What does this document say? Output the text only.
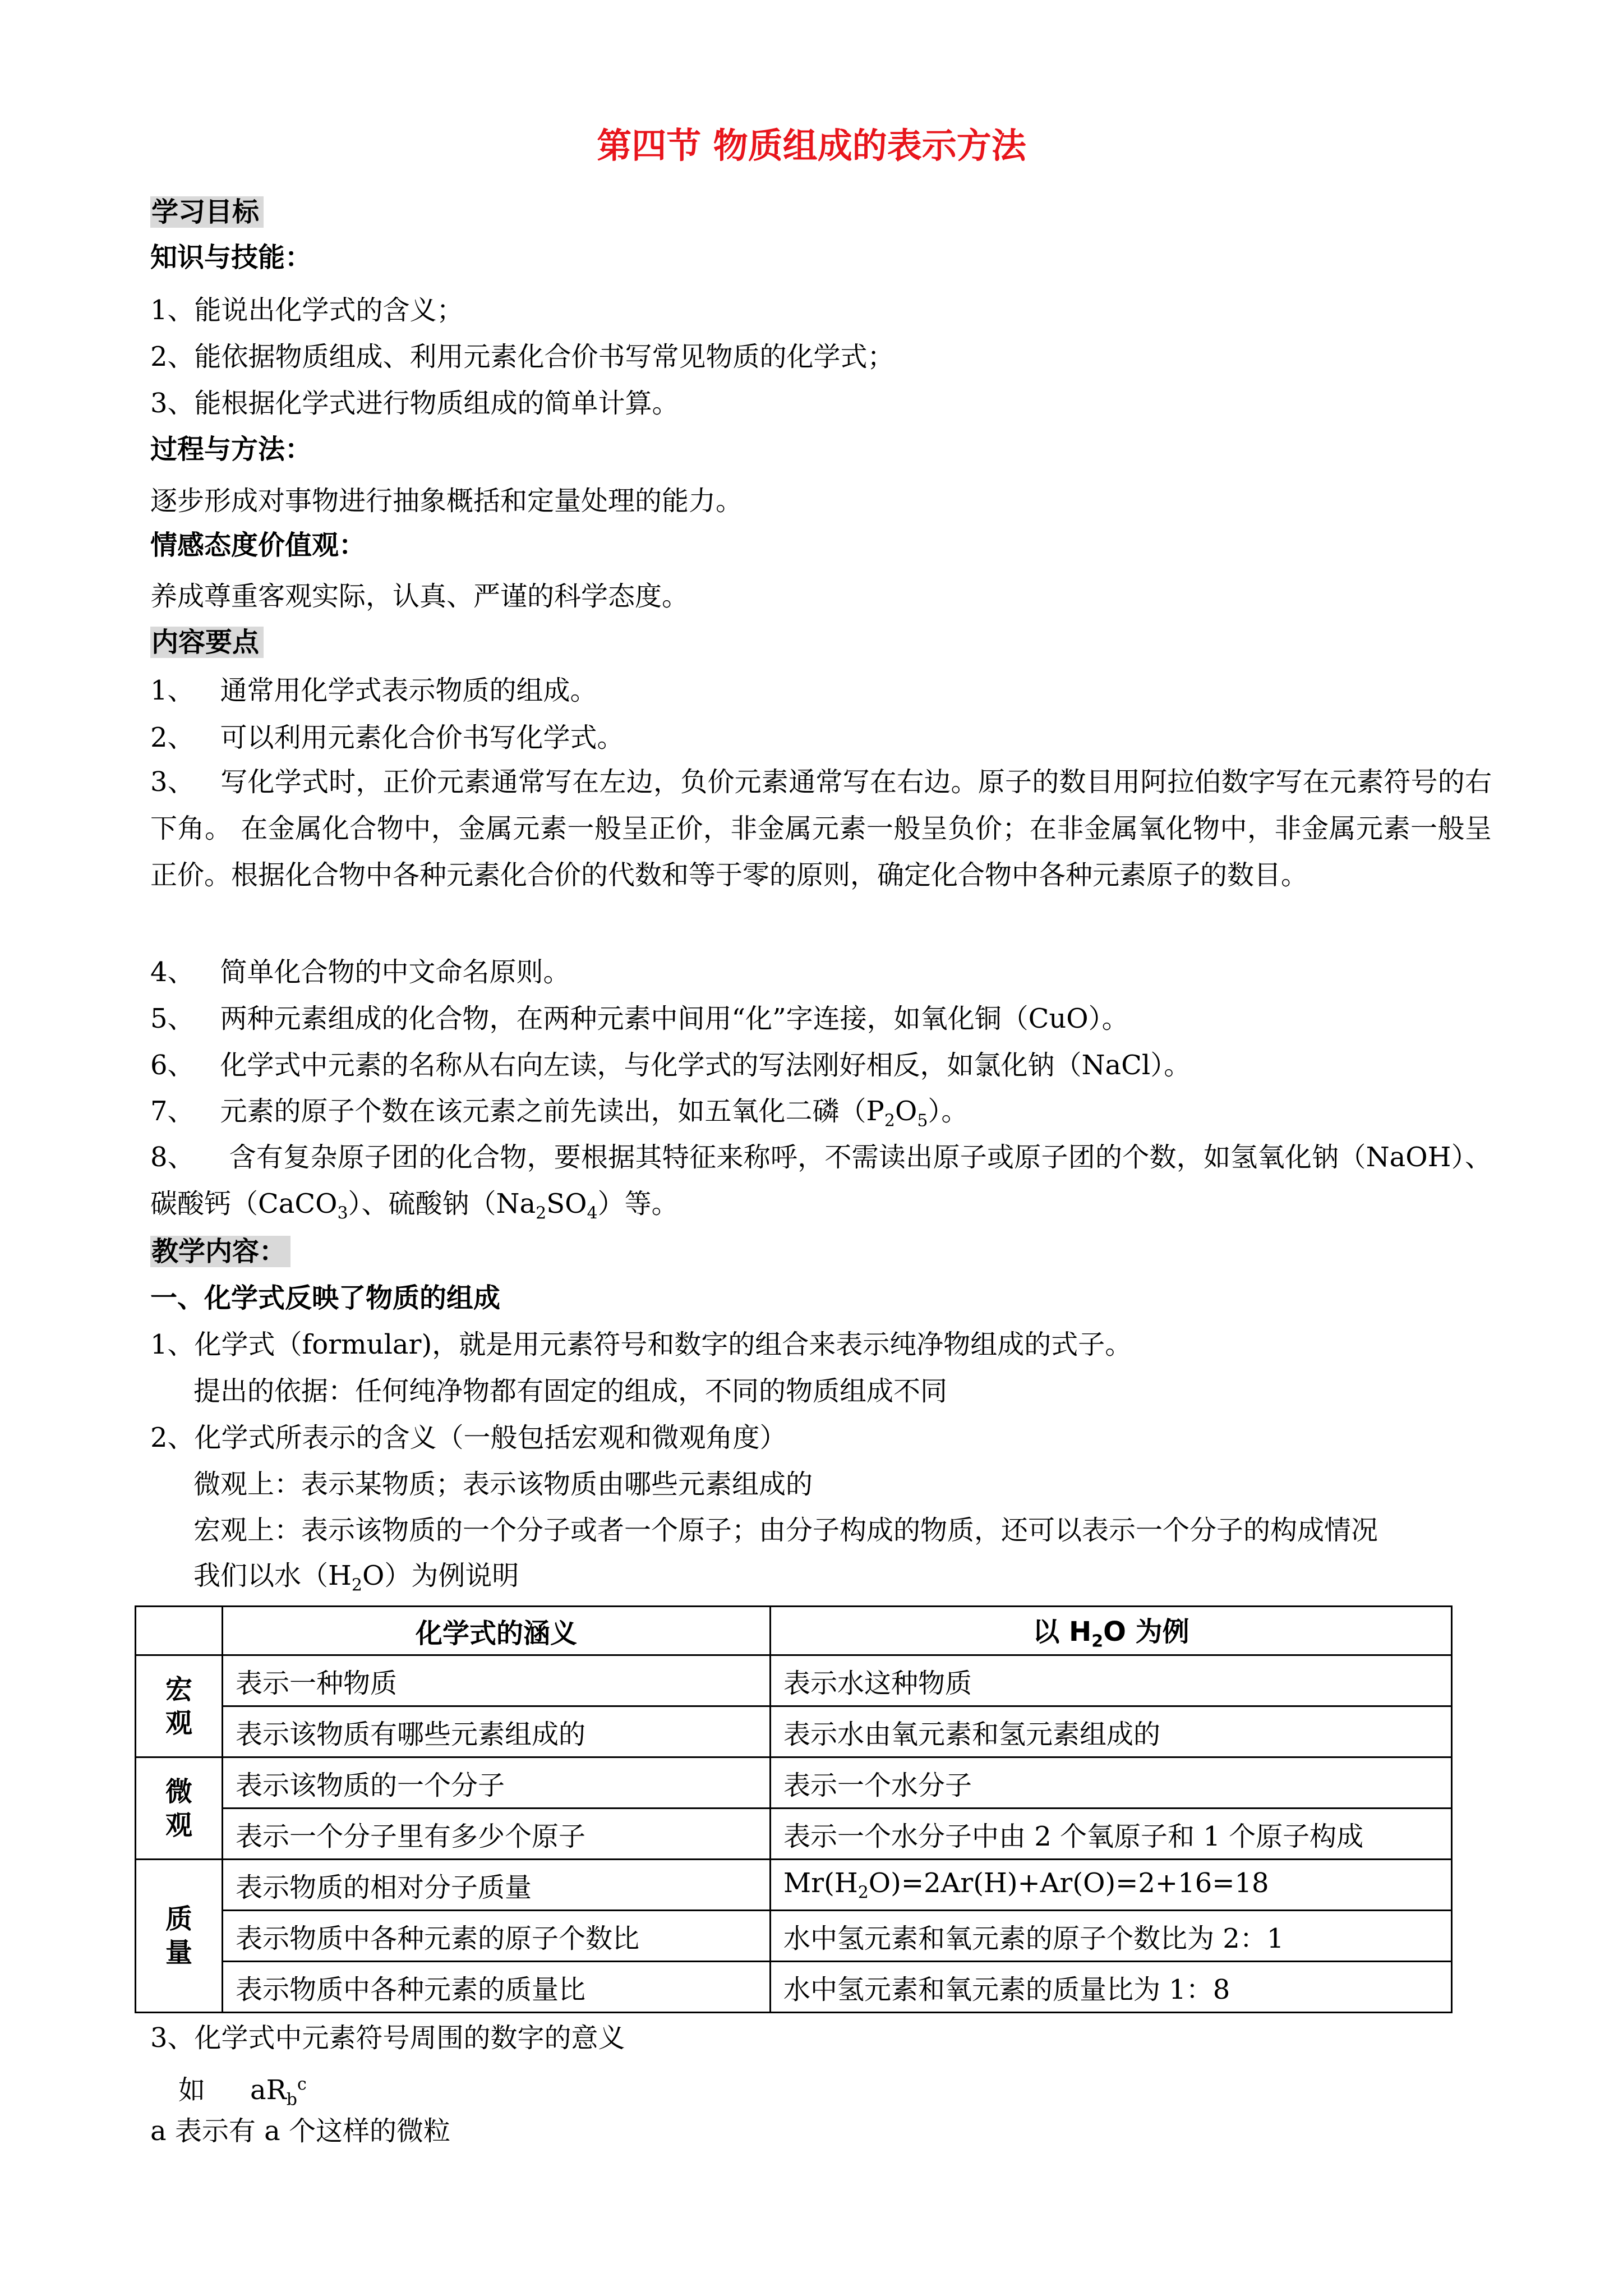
第四节 物质组成的表示方法
学习目标
知识与技能：
1、能说出化学式的含义；
2、能依据物质组成、利用元素化合价书写常见物质的化学式；
3、能根据化学式进行物质组成的简单计算。
过程与方法：
逐步形成对事物进行抽象概括和定量处理的能力。
情感态度价值观：
养成尊重客观实际，认真、严谨的科学态度。
内容要点
1、 通常用化学式表示物质的组成。
2、 可以利用元素化合价书写化学式。
3、 写化学式时，正价元素通常写在左边，负价元素通常写在右边。原子的数目用阿拉伯数字写在元素符号的右下角。 在金属化合物中，金属元素一般呈正价，非金属元素一般呈负价；在非金属氧化物中，非金属元素一般呈正价。根据化合物中各种元素化合价的代数和等于零的原则，确定化合物中各种元素原子的数目。
4、 简单化合物的中文命名原则。
5、 两种元素组成的化合物，在两种元素中间用“化”字连接，如氧化铜（CuO）。
6、 化学式中元素的名称从右向左读，与化学式的写法刚好相反，如氯化钠（NaCl）。
7、 元素的原子个数在该元素之前先读出，如五氧化二磷$(P_2O_5)$。
8、 含有复杂原子团的化合物，要根据其特征来称呼，不需读出原子或原子团的个数，如氢氧化钠（NaOH）、碳酸钙（CaCO$_3$）、硫酸钠$(Na_2SO_4)$等。
教学内容：
一、化学式反映了物质的组成
1、化学式（formular)，就是用元素符号和数字的组合来表示纯净物组成的式子。
提出的依据：任何纯净物都有固定的组成，不同的物质组成不同
2、化学式所表示的含义（一般包括宏观和微观角度）
微观上：表示某物质；表示该物质由哪些元素组成的
宏观上：表示该物质的一个分子或者一个原子；由分子构成的物质，还可以表示一个分子的构成情况
我们以水$(H_2O)$为例说明
	化学式的涵义	以 $H_2O$ 为例
宏观	表示一种物质	表示水这种物质
	表示该物质有哪些元素组成的	表示水由氧元素和氢元素组成的
微观	表示该物质的一个分子	表示一个水分子
	表示一个分子里有多少个原子	表示一个水分子中由 2 个氧原子和 1 个原子构成
质量	表示物质的相对分子质量	$Mr(H_2O)=2Ar(H)+Ar(O)=2+16=18$
	表示物质中各种元素的原子个数比	水中氢元素和氧元素的原子个数比为 2：1
	表示物质中各种元素的质量比	水中氢元素和氧元素的质量比为 1：8
3、化学式中元素符号周围的数字的意义
如 $aR_b^c$
a 表示有 a 个这样的微粒
